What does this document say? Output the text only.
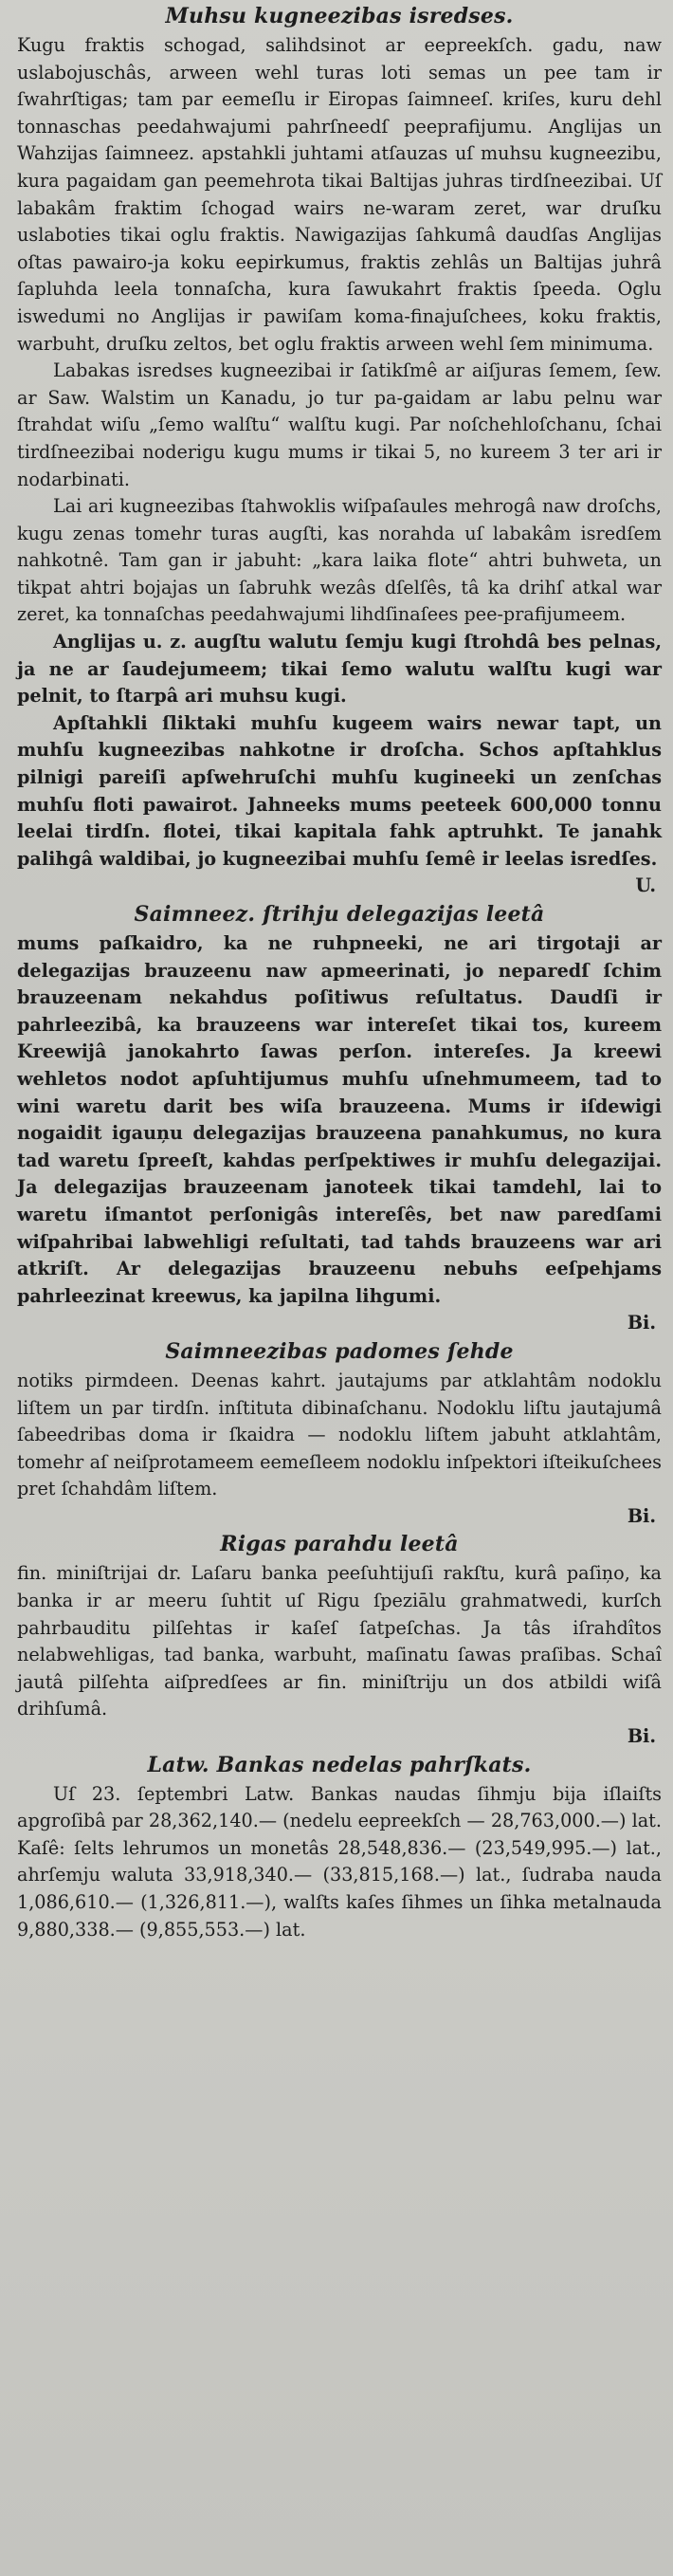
Muhsu kugneezibas isredses.

Kugu fraktis schogad, salihdsinot ar eepreekſch. gadu, naw uslabojuschâs, arween wehl turas loti semas un pee tam ir ſwahrſtigas; tam par eemeſlu ir Eiropas ſaimneeſ. kriſes, kuru dehl tonnaschas peedahwajumi pahrſneedſ peeprafijumu. Anglijas un Wahzijas ſaimneez. apstahkli juhtami atſauzas uſ muhsu kugneezibu, kura pagaidam gan peemehrota tikai Baltijas juhras tirdſneezibai. Uſ labakâm fraktim ſchogad wairs ne-waram zeret, war druſku uslaboties tikai oglu fraktis. Nawigazijas ſahkumâ daudſas Anglijas oſtas pawairo-ja koku eepirkumus, fraktis zehlâs un Baltijas juhrâ ſapluhda leela tonnaſcha, kura ſawukahrt fraktis ſpeeda. Oglu iswedumi no Anglijas ir pawiſam koma-finajuſchees, koku fraktis, warbuht, druſku zeltos, bet oglu fraktis arween wehl ſem minimuma.

Labakas isredses kugneezibai ir ſatikſmê ar aiſjuras ſemem, ſew. ar Saw. Walstim un Kanadu, jo tur pa-gaidam ar labu pelnu war ſtrahdat wiſu „ſemo walſtu“ walſtu kugi. Par noſchehloſchanu, ſchai tirdſneezibai noderigu kugu mums ir tikai 5, no kureem 3 ter ari ir nodarbinati.

Lai ari kugneezibas ſtahwoklis wiſpaſaules mehrogâ naw droſchs, kugu zenas tomehr turas augſti, kas norahda uſ labakâm isredſem nahkotnê. Tam gan ir jabuht: „kara laika flote“ ahtri buhweta, un tikpat ahtri bojajas un ſabruhk wezâs dſelſês, tâ ka drihſ atkal war zeret, ka tonnaſchas peedahwajumi lihdſinaſees pee-prafijumeem.

Anglijas u. z. augſtu walutu ſemju kugi ſtrohdâ bes pelnas, ja ne ar ſaudejumeem; tikai ſemo walutu walſtu kugi war pelnit, to ſtarpâ ari muhsu kugi.

Apſtahkli ſliktaki muhſu kugeem wairs newar tapt, un muhſu kugneezibas nahkotne ir droſcha. Schos apſtahklus pilnigi pareiſi apſwehruſchi muhſu kugineeki un zenſchas muhſu floti pawairot. Jahneeks mums peeteek 600,000 tonnu leelai tirdſn. flotei, tikai kapitala fahk aptruhkt. Te janahk palihgâ waldibai, jo kugneezibai muhſu ſemê ir leelas isredſes.

U.
Saimneez. ſtrihju delegazijas leetâ

mums paſkaidro, ka ne ruhpneeki, ne ari tirgotaji ar delegazijas brauzeenu naw apmeerinati, jo neparedſ ſchim brauzeenam nekahdus poſitiwus reſultatus. Daudſi ir pahrleezibâ, ka brauzeens war intereſet tikai tos, kureem Kreewijâ janokahrto ſawas perſon. intereſes. Ja kreewi wehletos nodot apſuhtijumus muhſu uſnehmumeem, tad to wini waretu darit bes wiſa brauzeena. Mums ir iſdewigi nogaidit igauņu delegazijas brauzeena panahkumus, no kura tad waretu ſpreeſt, kahdas perſpektiwes ir muhſu delegazijai. Ja delegazijas brauzeenam janoteek tikai tamdehl, lai to waretu iſmantot perſonigâs intereſês, bet naw paredſami wiſpahribai labwehligi reſultati, tad tahds brauzeens war ari atkriſt. Ar delegazijas brauzeenu nebuhs eeſpehjams pahrleezinat kreewus, ka japilna lihgumi.

Bi.
Saimneezibas padomes ſehde

notiks pirmdeen. Deenas kahrt. jautajums par atklahtâm nodoklu liſtem un par tirdſn. inſtituta dibinaſchanu. Nodoklu liſtu jautajumâ ſabeedribas doma ir ſkaidra — nodoklu liſtem jabuht atklahtâm, tomehr aſ neiſprotameem eemeſleem nodoklu inſpektori iſteikuſchees pret ſchahdâm liſtem.

Bi.
Rigas parahdu leetâ

fin. miniſtrijai dr. Laſaru banka peeſuhtijuſi rakſtu, kurâ paſiņo, ka banka ir ar meeru ſuhtit uſ Rigu ſpeziālu grahmatwedi, kurſch pahrbauditu pilſehtas ir kaſeſ ſatpeſchas. Ja tâs iſrahdîtos nelabwehligas, tad banka, warbuht, maſinatu ſawas praſibas. Schaî jautâ pilſehta aiſpredſees ar fin. miniſtriju un dos atbildi wiſâ drihſumâ.

Bi.
Latw. Bankas nedelas pahrſkats.

Uſ 23. ſeptembri Latw. Bankas naudas ſihmju bija iſlaiſts apgroſibâ par 28,362,140.— (nedelu eepreekſch — 28,763,000.—) lat. Kaſê: ſelts lehrumos un monetâs 28,548,836.— (23,549,995.—) lat., ahrſemju waluta 33,918,340.— (33,815,168.—) lat., ſudraba nauda 1,086,610.— (1,326,811.—), walſts kaſes ſihmes un ſihka metalnauda 9,880,338.— (9,855,553.—) lat.
